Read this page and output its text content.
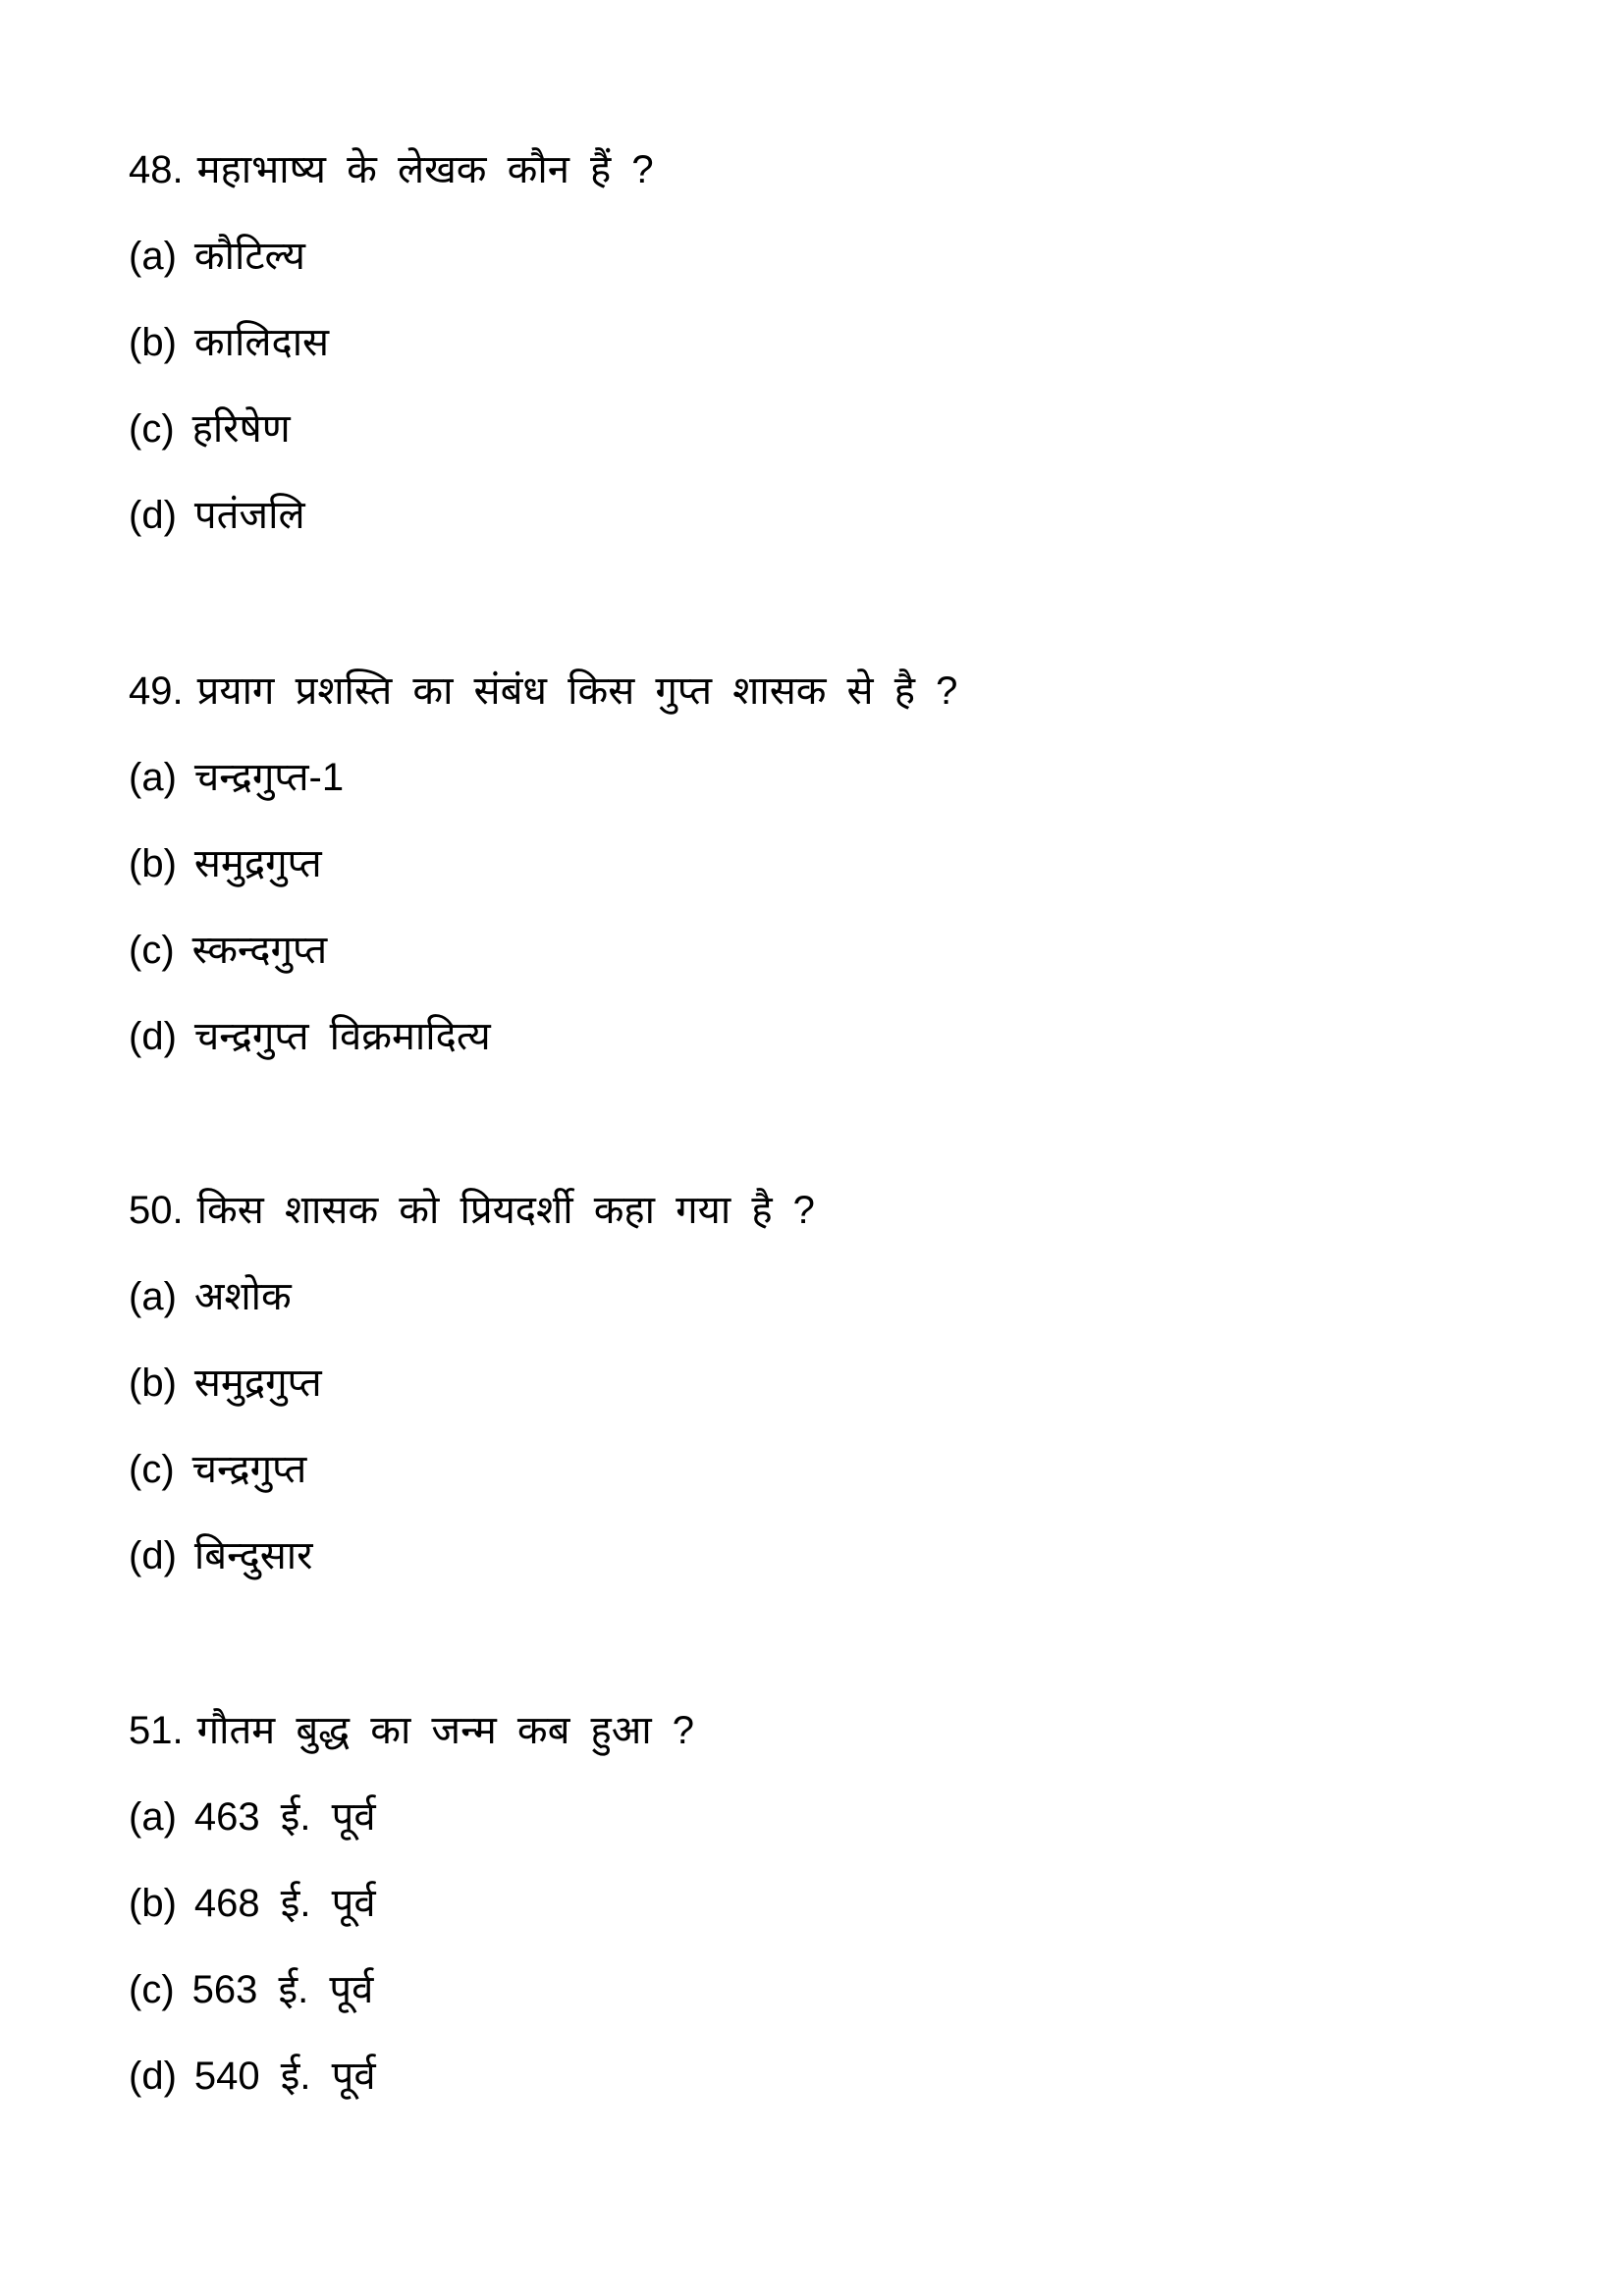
48. महाभाष्य के लेखक कौन हैं ?
(a) कौटिल्य
(b) कालिदास
(c) हरिषेण
(d) पतंजलि
49. प्रयाग प्रशस्ति का संबंध किस गुप्त शासक से है ?
(a) चन्द्रगुप्त-1
(b) समुद्रगुप्त
(c) स्कन्दगुप्त
(d) चन्द्रगुप्त विक्रमादित्य
50. किस शासक को प्रियदर्शी कहा गया है ?
(a) अशोक
(b) समुद्रगुप्त
(c) चन्द्रगुप्त
(d) बिन्दुसार
51. गौतम बुद्ध का जन्म कब हुआ ?
(a) 463 ई. पूर्व
(b) 468 ई. पूर्व
(c) 563 ई. पूर्व
(d) 540 ई. पूर्व
